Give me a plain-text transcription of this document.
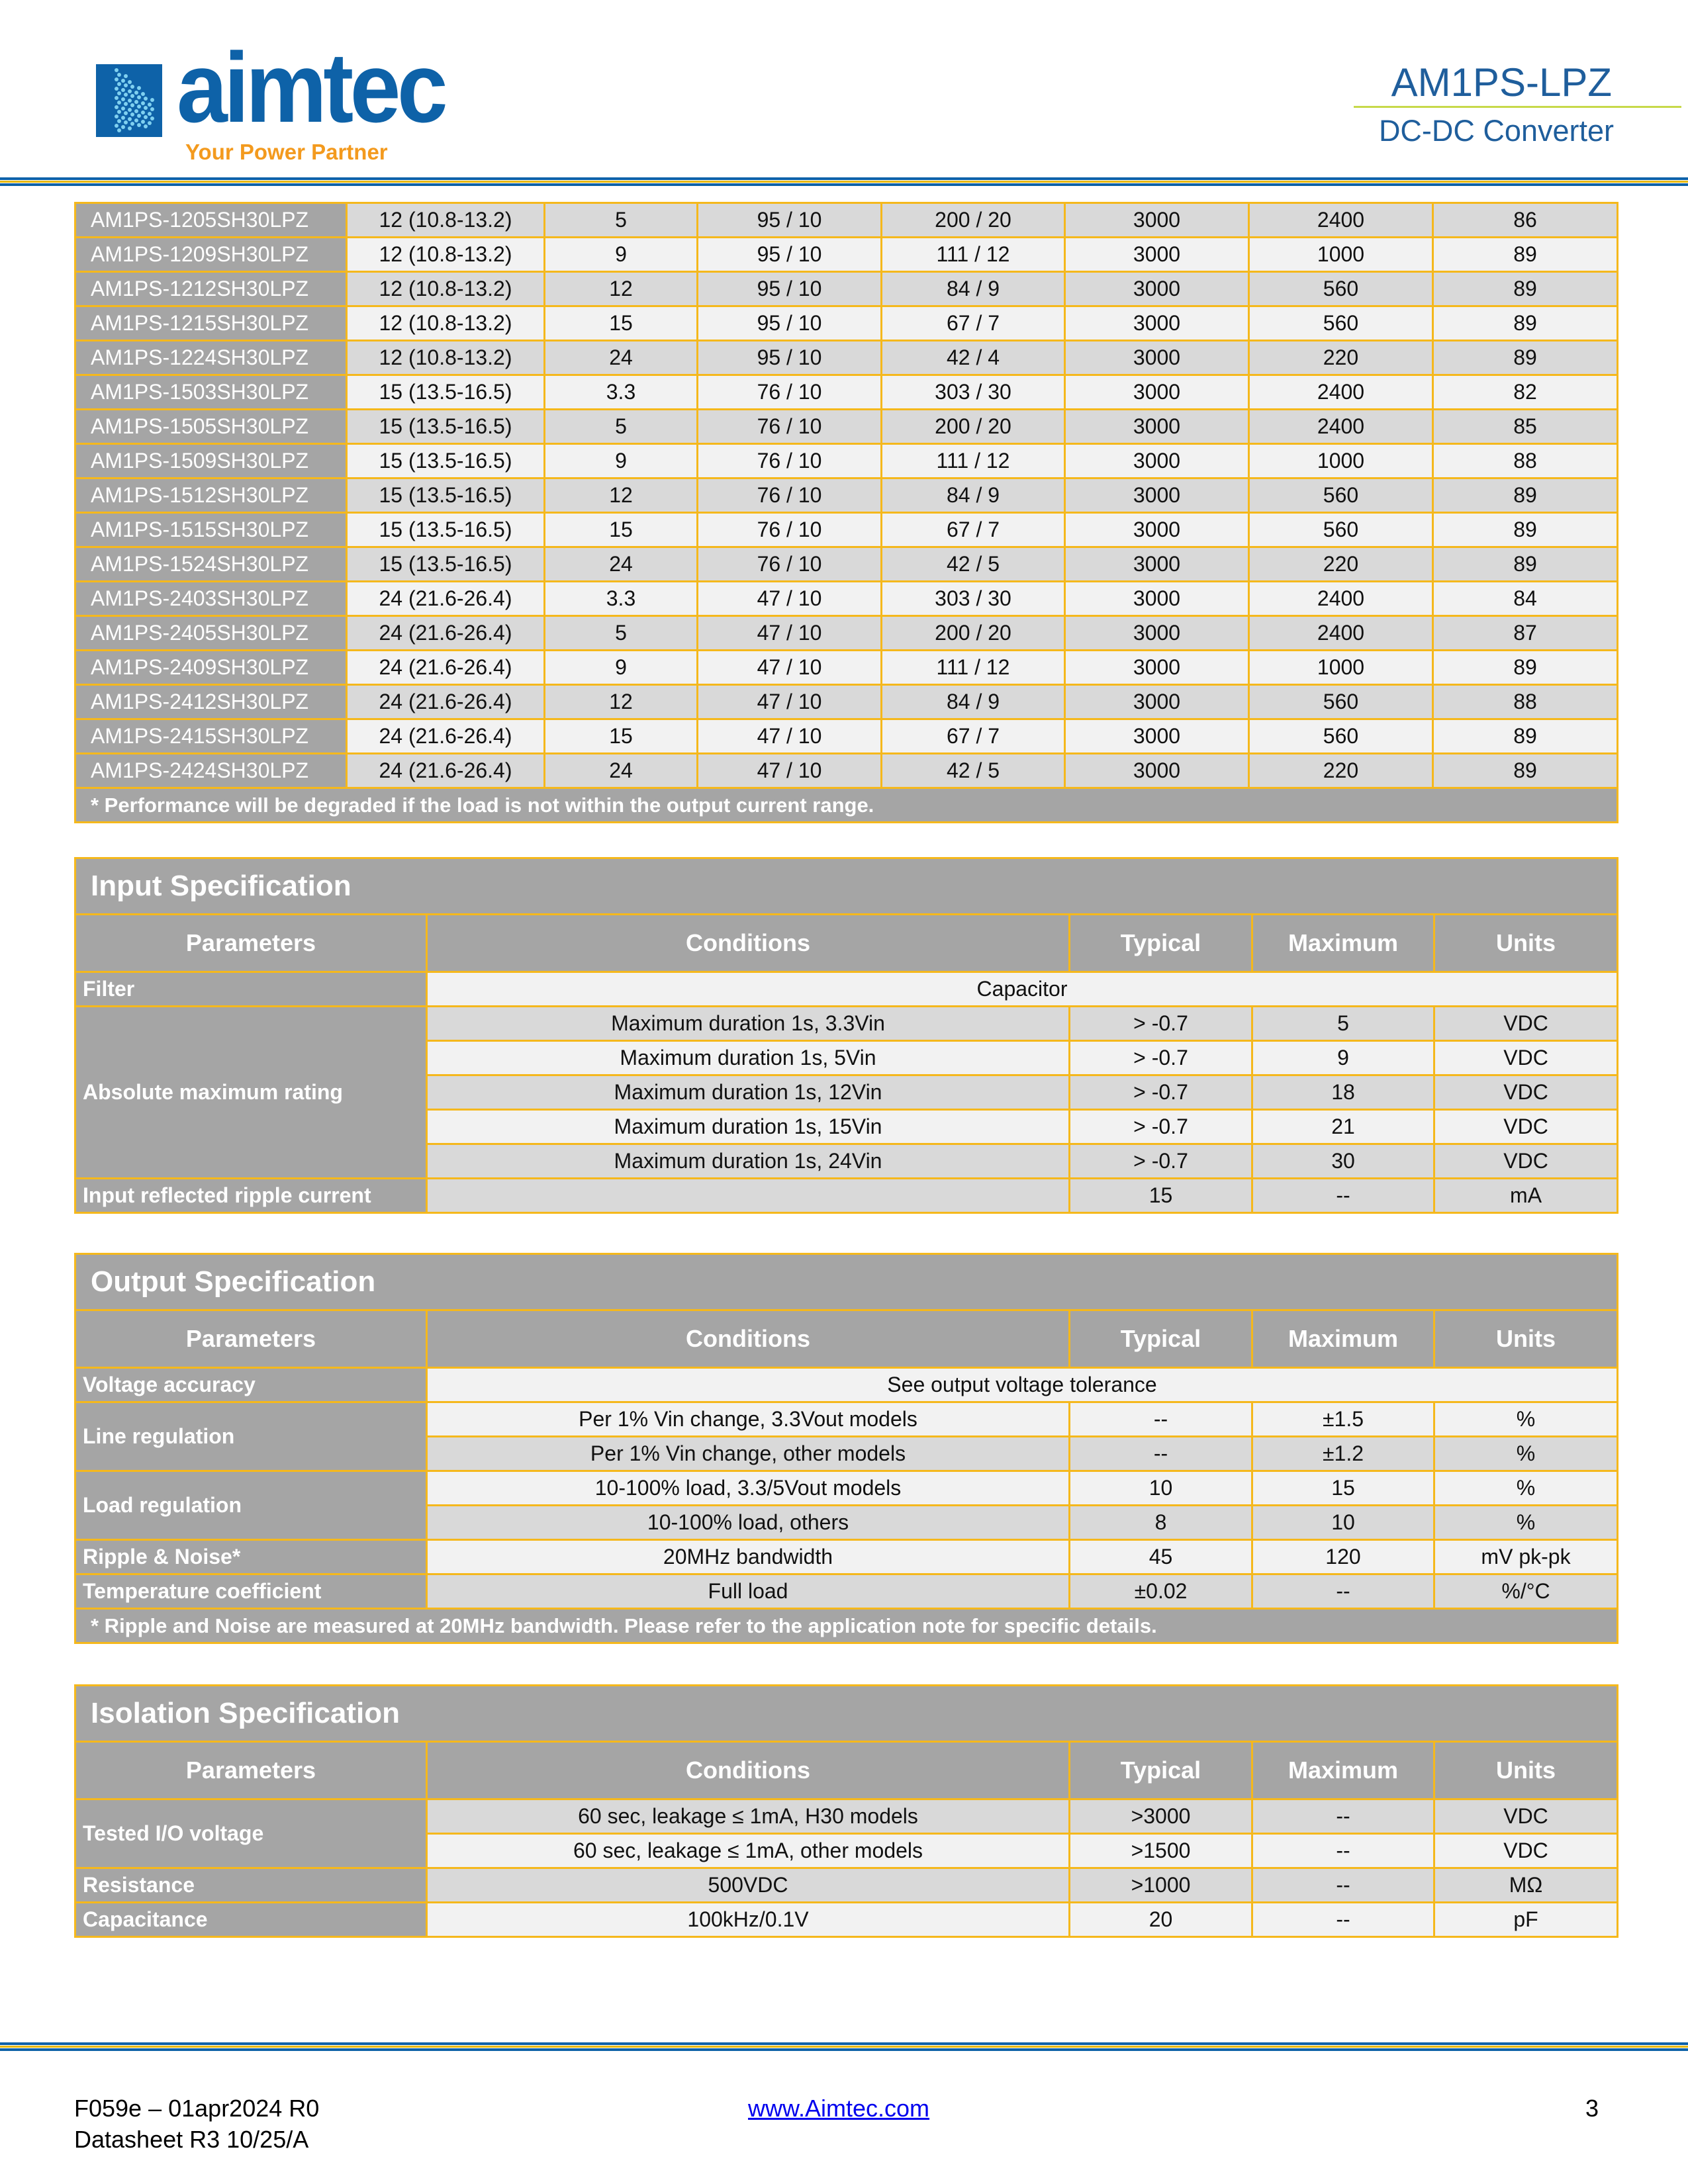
aimtec
Your Power Partner
AM1PS-LPZ
DC-DC Converter
AM1PS-1205SH30LPZ	12 (10.8-13.2)	5	95 / 10	200 / 20	3000	2400	86
AM1PS-1209SH30LPZ	12 (10.8-13.2)	9	95 / 10	111 / 12	3000	1000	89
AM1PS-1212SH30LPZ	12 (10.8-13.2)	12	95 / 10	84 / 9	3000	560	89
AM1PS-1215SH30LPZ	12 (10.8-13.2)	15	95 / 10	67 / 7	3000	560	89
AM1PS-1224SH30LPZ	12 (10.8-13.2)	24	95 / 10	42 / 4	3000	220	89
AM1PS-1503SH30LPZ	15 (13.5-16.5)	3.3	76 / 10	303 / 30	3000	2400	82
AM1PS-1505SH30LPZ	15 (13.5-16.5)	5	76 / 10	200 / 20	3000	2400	85
AM1PS-1509SH30LPZ	15 (13.5-16.5)	9	76 / 10	111 / 12	3000	1000	88
AM1PS-1512SH30LPZ	15 (13.5-16.5)	12	76 / 10	84 / 9	3000	560	89
AM1PS-1515SH30LPZ	15 (13.5-16.5)	15	76 / 10	67 / 7	3000	560	89
AM1PS-1524SH30LPZ	15 (13.5-16.5)	24	76 / 10	42 / 5	3000	220	89
AM1PS-2403SH30LPZ	24 (21.6-26.4)	3.3	47 / 10	303 / 30	3000	2400	84
AM1PS-2405SH30LPZ	24 (21.6-26.4)	5	47 / 10	200 / 20	3000	2400	87
AM1PS-2409SH30LPZ	24 (21.6-26.4)	9	47 / 10	111 / 12	3000	1000	89
AM1PS-2412SH30LPZ	24 (21.6-26.4)	12	47 / 10	84 / 9	3000	560	88
AM1PS-2415SH30LPZ	24 (21.6-26.4)	15	47 / 10	67 / 7	3000	560	89
AM1PS-2424SH30LPZ	24 (21.6-26.4)	24	47 / 10	42 / 5	3000	220	89
* Performance will be degraded if the load is not within the output current range.							
Input Specification				
Parameters	Conditions	Typical	Maximum	Units
Filter	Capacitor			
Absolute maximum rating	Maximum duration 1s, 3.3Vin	> -0.7	5	VDC
	Maximum duration 1s, 5Vin	> -0.7	9	VDC
	Maximum duration 1s, 12Vin	> -0.7	18	VDC
	Maximum duration 1s, 15Vin	> -0.7	21	VDC
	Maximum duration 1s, 24Vin	> -0.7	30	VDC
Input reflected ripple current		15	--	mA
Output Specification				
Parameters	Conditions	Typical	Maximum	Units
Voltage accuracy	See output voltage tolerance			
Line regulation	Per 1% Vin change, 3.3Vout models	--	±1.5	%
	Per 1% Vin change, other models	--	±1.2	%
Load regulation	10-100% load, 3.3/5Vout models	10	15	%
	10-100% load, others	8	10	%
Ripple & Noise*	20MHz bandwidth	45	120	mV pk-pk
Temperature coefficient	Full load	±0.02	--	%/°C
* Ripple and Noise are measured at 20MHz bandwidth. Please refer to the application note for specific details.				
Isolation Specification				
Parameters	Conditions	Typical	Maximum	Units
Tested I/O voltage	60 sec, leakage ≤ 1mA, H30 models	>3000	--	VDC
	60 sec, leakage ≤ 1mA, other models	>1500	--	VDC
Resistance	500VDC	>1000	--	MΩ
Capacitance	100kHz/0.1V	20	--	pF
F059e – 01apr2024 R0
Datasheet R3 10/25/A
www.Aimtec.com	3
